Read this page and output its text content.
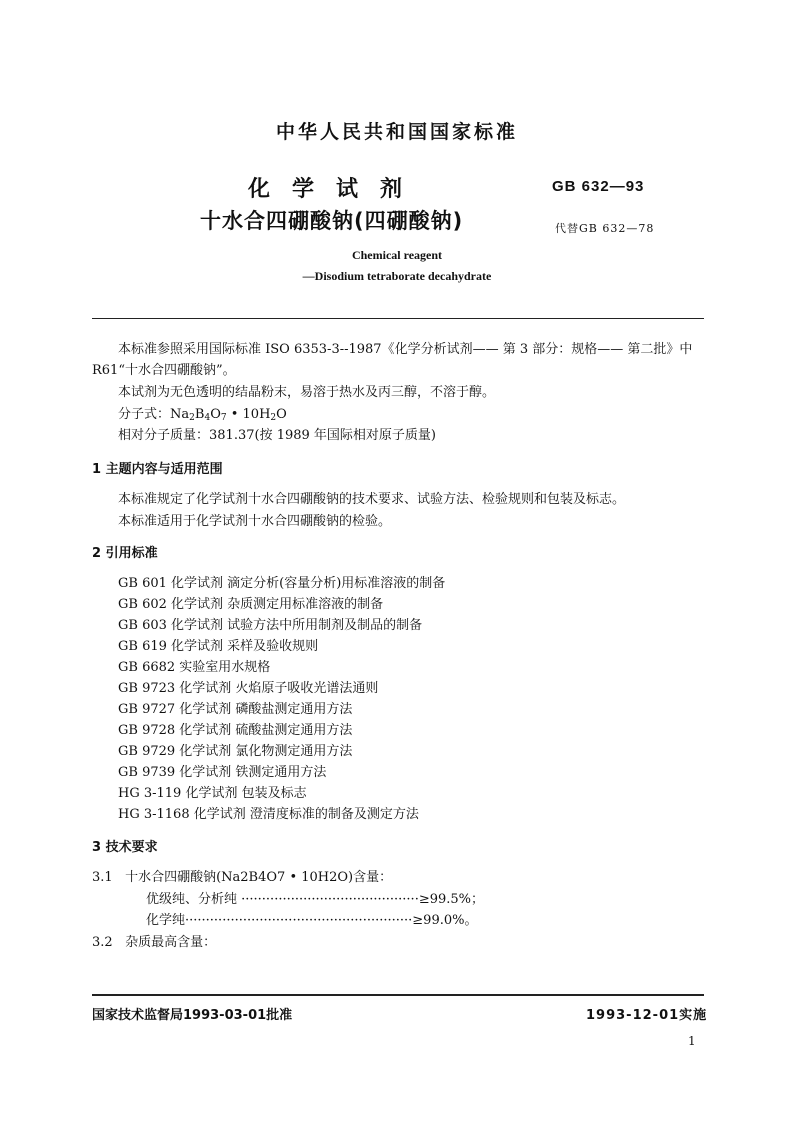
中华人民共和国国家标准
化学试剂
十水合四硼酸钠(四硼酸钠)
GB 632—93
代替GB 632—78
Chemical reagent
—Disodium tetraborate decahydrate
本标准参照采用国际标准 ISO 6353-3--1987《化学分析试剂—— 第 3 部分：规格—— 第二批》中
R61“十水合四硼酸钠”。
本试剂为无色透明的结晶粉末，易溶于热水及丙三醇，不溶于醇。
分子式：$Na_2B_4O_7$ • $10H_2O$
相对分子质量：381.37(按 1989 年国际相对原子质量)
1 主题内容与适用范围
本标准规定了化学试剂十水合四硼酸钠的技术要求、试验方法、检验规则和包装及标志。
本标准适用于化学试剂十水合四硼酸钠的检验。
2 引用标准
GB 601 化学试剂 滴定分析(容量分析)用标准溶液的制备
GB 602 化学试剂 杂质测定用标准溶液的制备
GB 603 化学试剂 试验方法中所用制剂及制品的制备
GB 619 化学试剂 采样及验收规则
GB 6682 实验室用水规格
GB 9723 化学试剂 火焰原子吸收光谱法通则
GB 9727 化学试剂 磷酸盐测定通用方法
GB 9728 化学试剂 硫酸盐测定通用方法
GB 9729 化学试剂 氯化物测定通用方法
GB 9739 化学试剂 铁测定通用方法
HG 3-119 化学试剂 包装及标志
HG 3-1168 化学试剂 澄清度标准的制备及测定方法
3 技术要求
3.1 十水合四硼酸钠(Na2B4O7 • 10H2O)含量：
优级纯、分析纯 ···········································≥99.5%；
化学纯·······················································≥99.0%。
3.2 杂质最高含量：
国家技术监督局1993-03-01批准	1993-12-01实施
1
